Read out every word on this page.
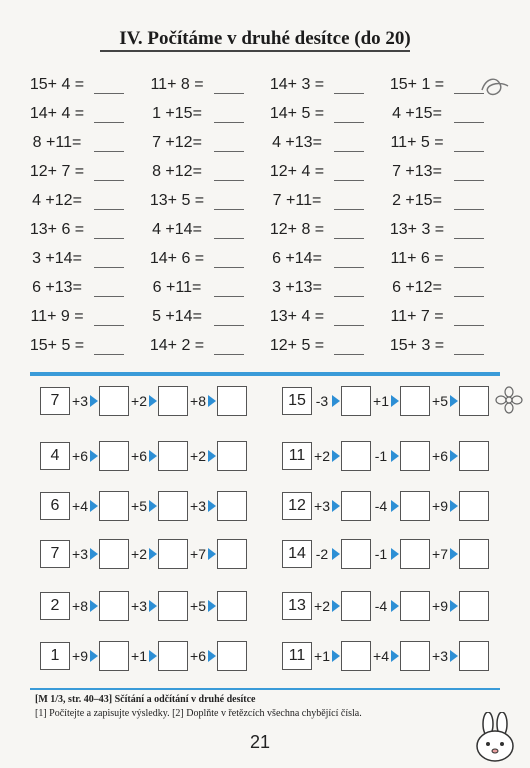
IV. Počítáme v druhé desítce (do 20)
15+ 4 =	11+ 8 =	14+ 3 =	15+ 1 =
14+ 4 =	1 +15=	14+ 5 =	4 +15=
8 +11=	7 +12=	4 +13=	11+ 5 =
12+ 7 =	8 +12=	12+ 4 =	7 +13=
4 +12=	13+ 5 =	7 +11=	2 +15=
13+ 6 =	4 +14=	12+ 8 =	13+ 3 =
3 +14=	14+ 6 =	6 +14=	11+ 6 =
6 +13=	6 +11=	3 +13=	6 +12=
11+ 9 =	5 +14=	13+ 4 =	11+ 7 =
15+ 5 =	14+ 2 =	12+ 5 =	15+ 3 =
7 +3	+2	+8	15 -3	+1	+5
4 +6	+6	+2	11 +2	-1	+6
6 +4	+5	+3	12 +3	-4	+9
7 +3	+2	+7	14 -2	-1	+7
2 +8	+3	+5	13 +2	-4	+9
1 +9	+1	+6	11 +1	+4	+3
[M 1/3, str. 40–43] Sčítání a odčítání v druhé desítce
[1] Počítejte a zapisujte výsledky. [2] Doplňte v řetězcích všechna chybějící čísla.
21
